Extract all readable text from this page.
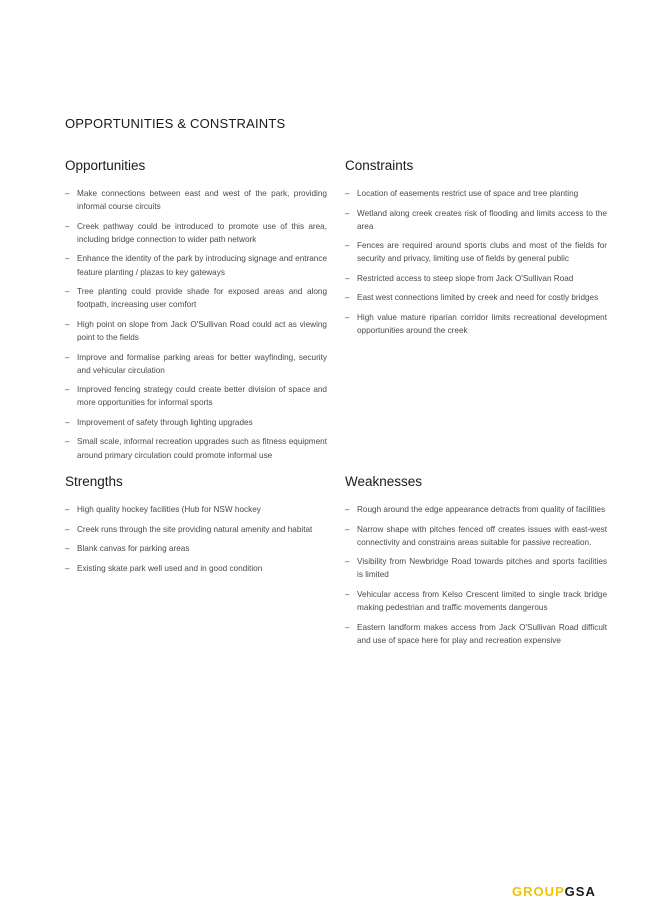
OPPORTUNITIES & CONSTRAINTS
Opportunities
– Make connections between east and west of the park, providing informal course circuits
– Creek pathway could be introduced to promote use of this area, including bridge connection to wider path network
– Enhance the identity of the park by introducing signage and entrance feature planting / plazas to key gateways
– Tree planting could provide shade for exposed areas and along footpath, increasing user comfort
– High point on slope from Jack O'Sullivan Road could act as viewing point to the fields
– Improve and formalise parking areas for better wayfinding, security and vehicular circulation
– Improved fencing strategy could create better division of space and more opportunities for informal sports
– Improvement of safety through lighting upgrades
– Small scale, informal recreation upgrades such as fitness equipment around primary circulation could promote informal use
Constraints
– Location of easements restrict use of space and tree planting
– Wetland along creek creates risk of flooding and limits access to the area
– Fences are required around sports clubs and most of the fields for security and privacy, limiting use of fields by general public
– Restricted access to steep slope from Jack O'Sullivan Road
– East west connections limited by creek and need for costly bridges
– High value mature riparian corridor limits recreational development opportunities around the creek
Strengths
– High quality hockey facilities (Hub for NSW hockey
– Creek runs through the site providing natural amenity and habitat
– Blank canvas for parking areas
– Existing skate park well used and in good condition
Weaknesses
– Rough around the edge appearance detracts from quality of facilities
– Narrow shape with pitches fenced off creates issues with east-west connectivity and constrains areas suitable for passive recreation.
– Visibility from Newbridge Road towards pitches and sports facilities is limited
– Vehicular access from Kelso Crescent limited to single track bridge making pedestrian and traffic movements dangerous
– Eastern landform makes access from Jack O'Sullivan Road difficult and use of space here for play and recreation expensive
GROUPGSA
